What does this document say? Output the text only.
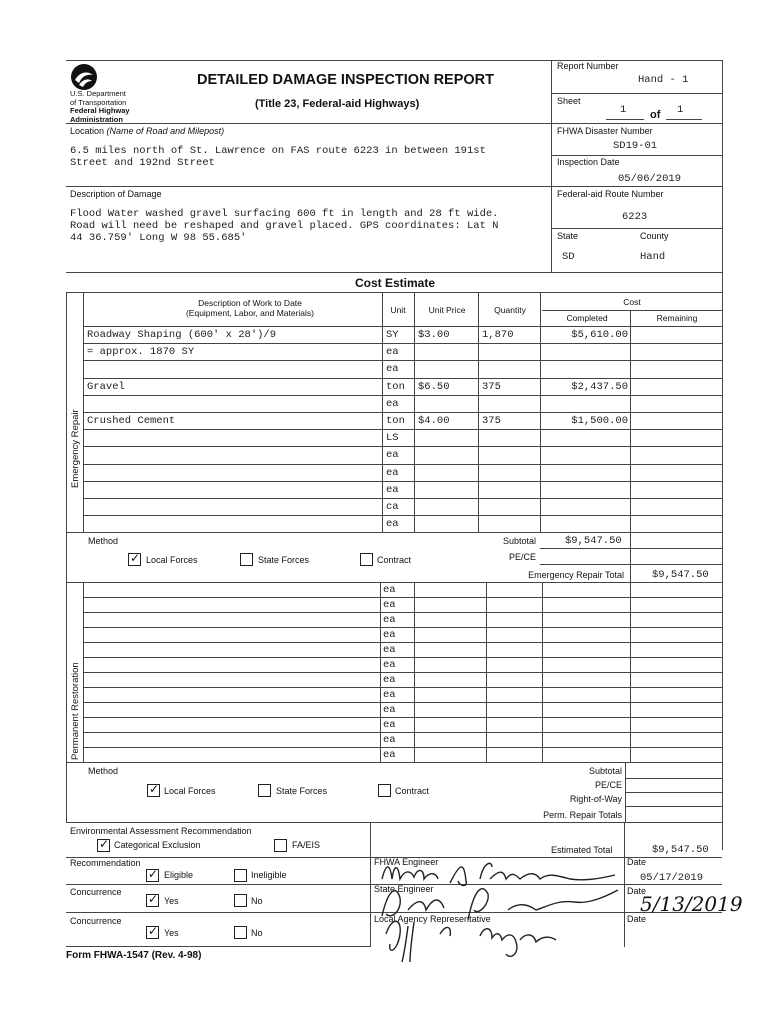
U.S. Department
of Transportation
Federal Highway
Administration
DETAILED DAMAGE INSPECTION REPORT
(Title 23, Federal-aid Highways)
Report Number
Hand - 1
Sheet
1 of 1
Location (Name of Road and Milepost)
6.5 miles north of St. Lawrence on FAS route 6223 in between 191st
Street and 192nd Street
FHWA Disaster Number
SD19-01
Inspection Date
05/06/2019
Description of Damage
Flood Water washed gravel surfacing 600 ft in length and 28 ft wide.
Road will need be reshaped and gravel placed. GPS coordinates: Lat N
44 36.759' Long W 98 55.685'
Federal-aid Route Number
6223
State	County
SD	Hand
Cost Estimate
Description of Work to Date
(Equipment, Labor, and Materials)	Unit	Unit Price	Quantity
Cost
Completed	Remaining
Emergency Repair
Roadway Shaping (600' x 28')/9	SY	$3.00	1,870	$5,610.00
= approx. 1870 SY	ea
ea
Gravel	ton	$6.50	375	$2,437.50
ea
Crushed Cement	ton	$4.00	375	$1,500.00
LS
ea
ea
ea
ca
ea
Method
✓ Local Forces	State Forces	Contract
Subtotal	$9,547.50
PE/CE
Emergency Repair Total	$9,547.50
Permanent Restoration
ea
ea
ea
ea
ea
ea
ea
ea
ea
ea
ea
ea
Method
✓ Local Forces	State Forces	Contract
Subtotal
PE/CE
Right-of-Way
Perm. Repair Totals
Environmental Assessment Recommendation
✓ Categorical Exclusion	FA/EIS	Estimated Total	$9,547.50
Recommendation
✓ Eligible	Ineligible
Concurrence ✓ Yes	No
Concurrence
✓ Yes	No
FHWA Engineer
State Engineer
Local Agency Representative
Date
05/17/2019
Date
5/13/2019
Date
Form FHWA-1547 (Rev. 4-98)
